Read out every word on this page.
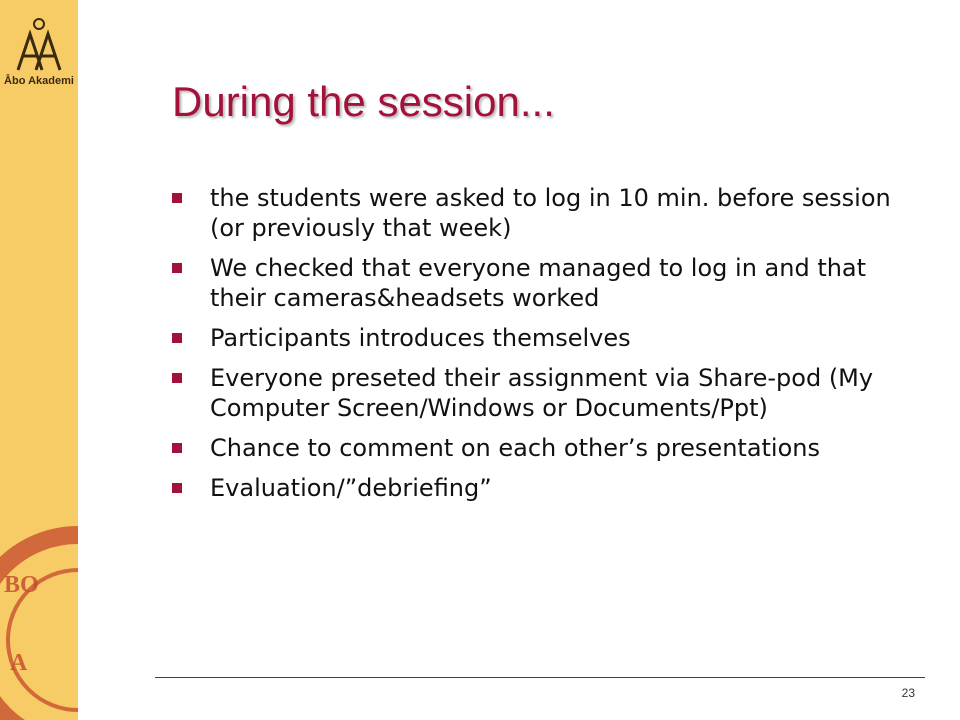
Åbo Akademi
BO
A
During the session...
the students were asked to log in 10 min. before session (or previously that week)
We checked that everyone managed to log in and that their cameras&headsets worked
Participants introduces themselves
Everyone preseted their assignment via Share-pod (My Computer Screen/Windows or Documents/Ppt)
Chance to comment on each other’s presentations
Evaluation/”debriefing”
23
